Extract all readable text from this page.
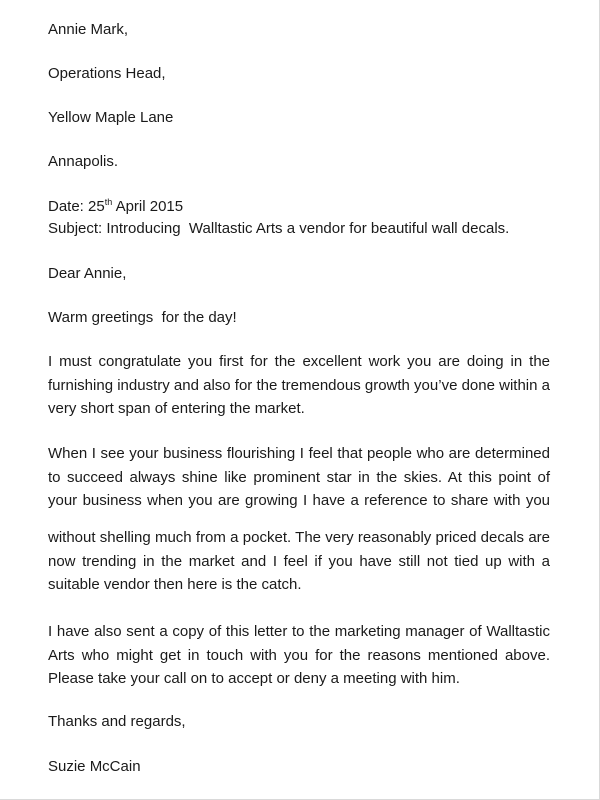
Annie Mark,

Operations Head,

Yellow Maple Lane

Annapolis.

Date: 25th April 2015

Subject: Introducing  Walltastic Arts a vendor for beautiful wall decals.

Dear Annie,

Warm greetings  for the day!

I must congratulate you first for the excellent work you are doing in the furnishing industry and also for the tremendous growth you’ve done within a very short span of entering the market.

When I see your business flourishing I feel that people who are determined to succeed always shine like prominent star in the skies. At this point of your business when you are growing I have a reference to share with you

without shelling much from a pocket. The very reasonably priced decals are now trending in the market and I feel if you have still not tied up with a suitable vendor then here is the catch.

I have also sent a copy of this letter to the marketing manager of Walltastic Arts who might get in touch with you for the reasons mentioned above. Please take your call on to accept or deny a meeting with him.

Thanks and regards,

Suzie McCain
